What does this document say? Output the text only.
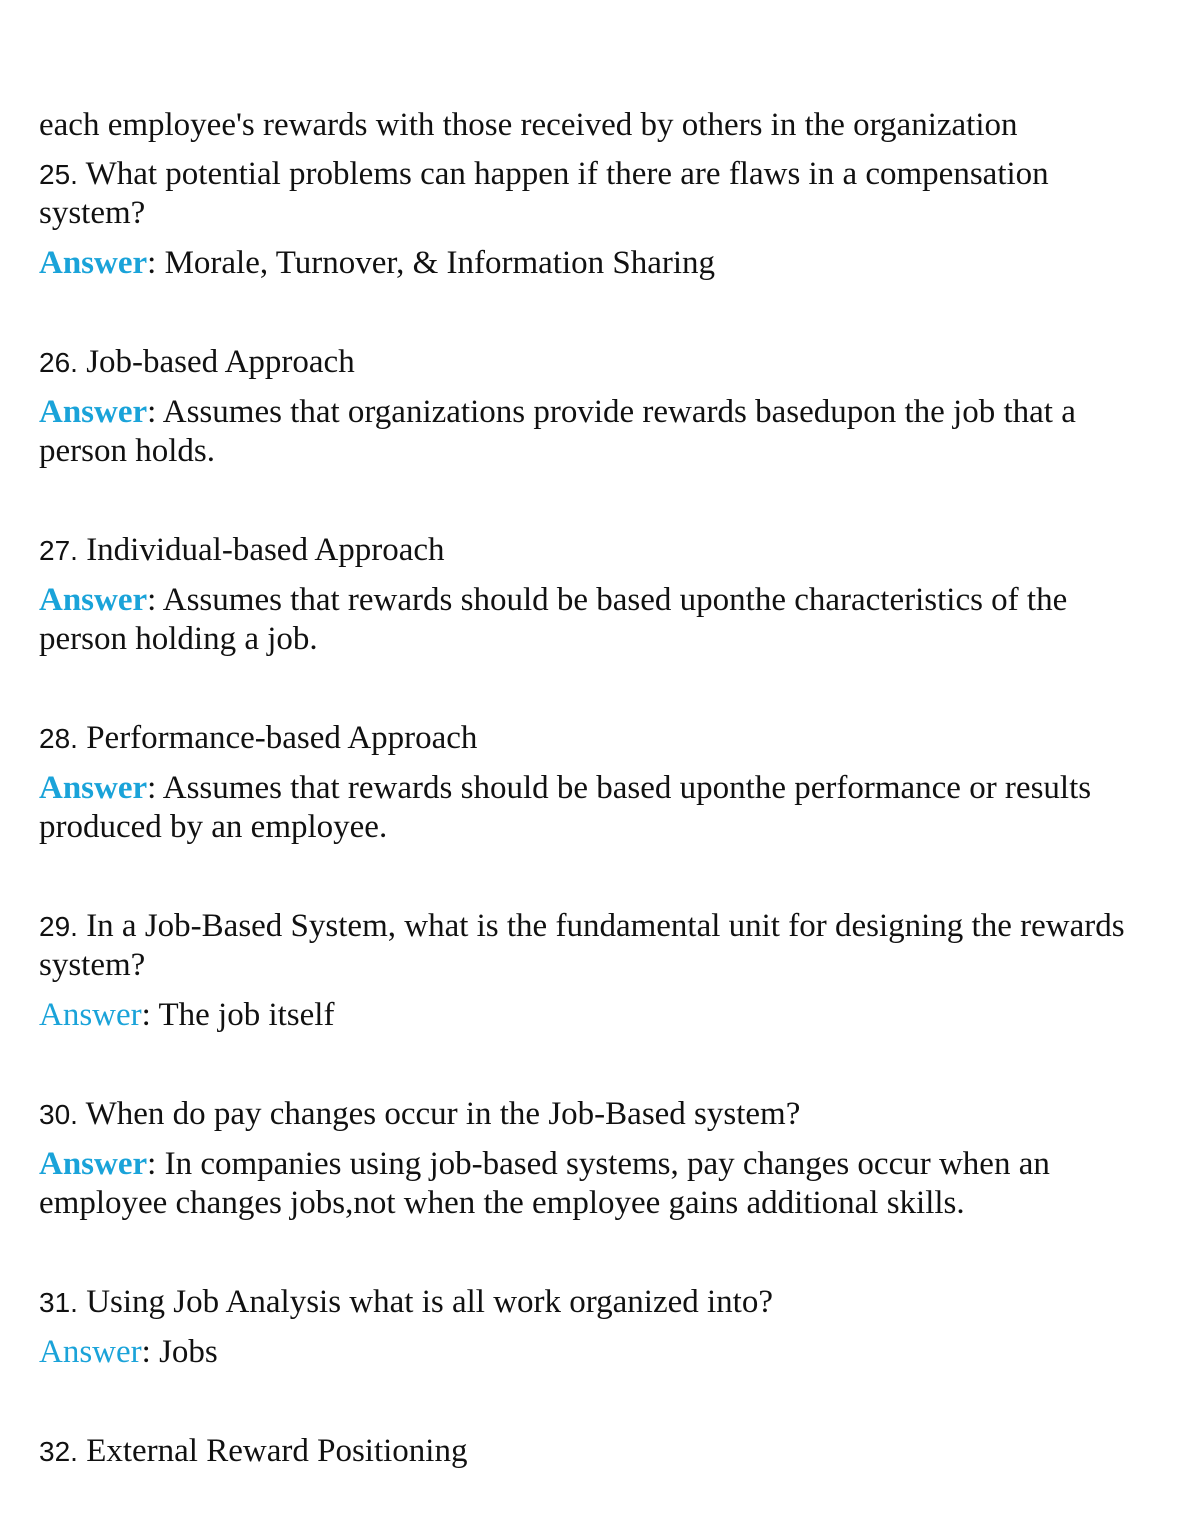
each employee's rewards with those received by others in the organization

25. What potential problems can happen if there are flaws in a compensation system?

Answer: Morale, Turnover, & Information Sharing

26. Job-based Approach

Answer: Assumes that organizations provide rewards basedupon the job that a person holds.

27. Individual-based Approach

Answer: Assumes that rewards should be based uponthe characteristics of the person holding a job.

28. Performance-based Approach

Answer: Assumes that rewards should be based uponthe performance or results produced by an employee.

29. In a Job-Based System, what is the fundamental unit for designing the rewards system?

Answer: The job itself

30. When do pay changes occur in the Job-Based system?

Answer: In companies using job-based systems, pay changes occur when an employee changes jobs,not when the employee gains additional skills.

31. Using Job Analysis what is all work organized into?

Answer: Jobs

32. External Reward Positioning
